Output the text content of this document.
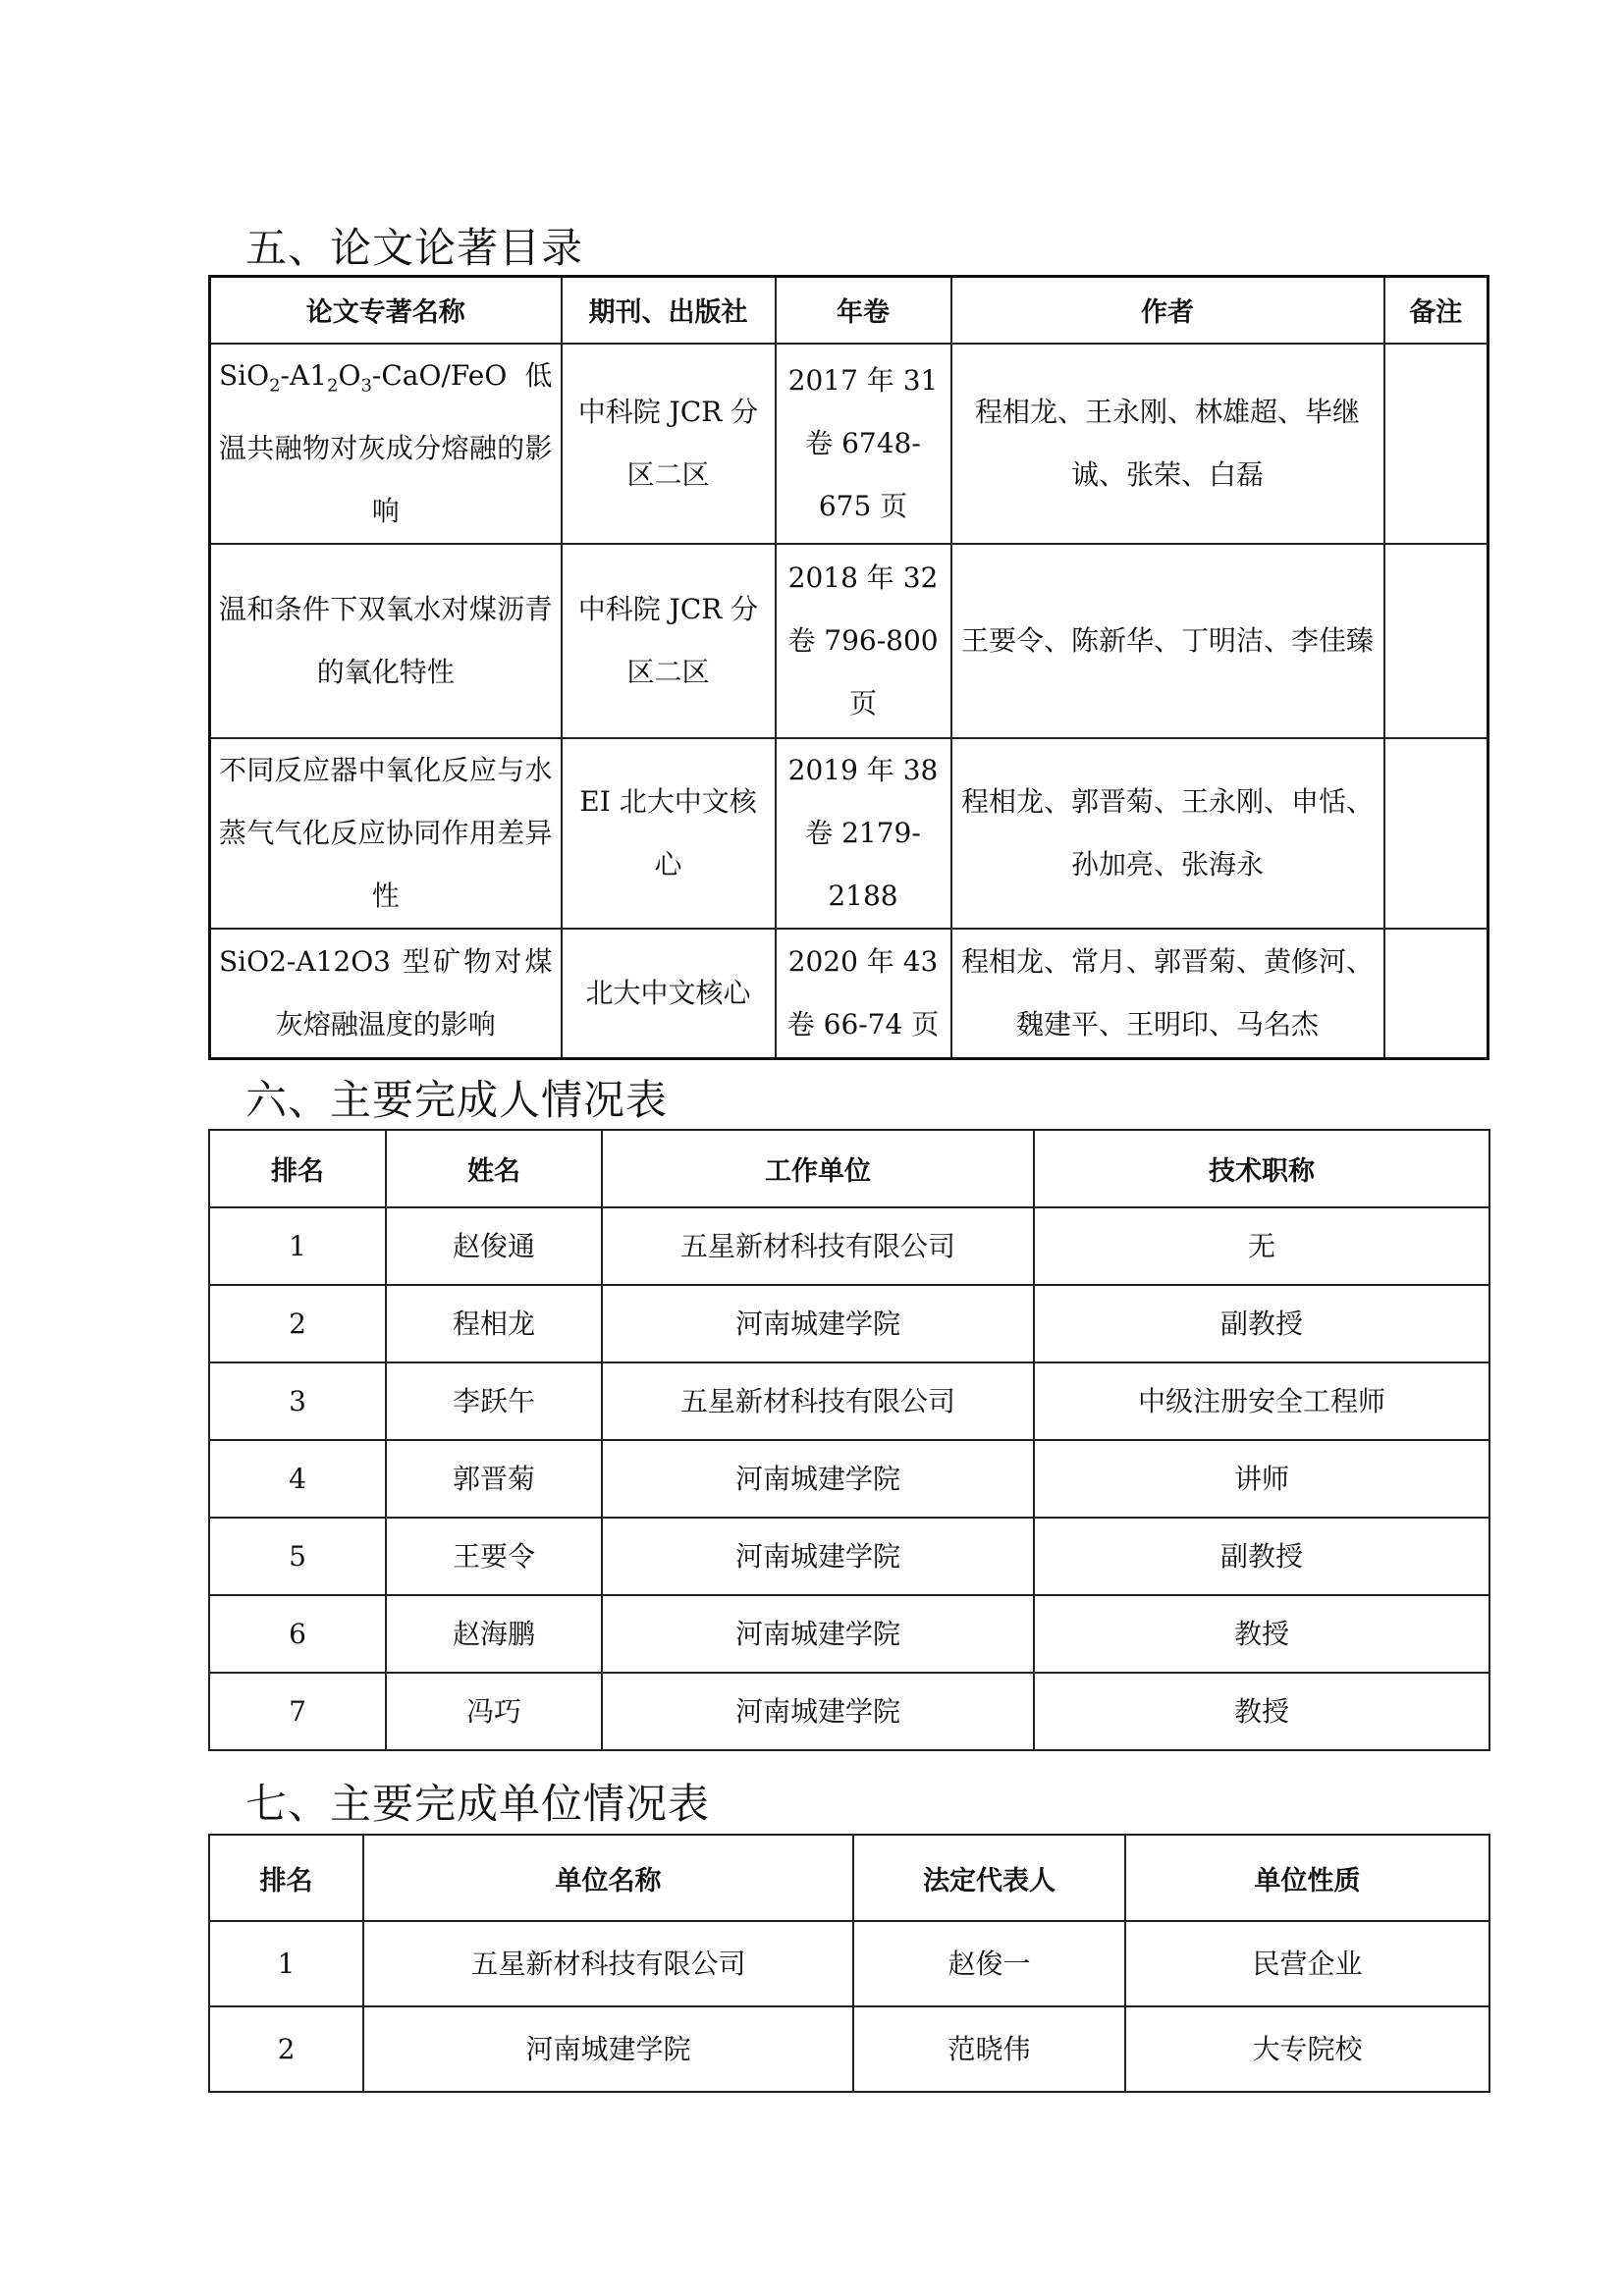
五、论文论著目录
论文专著名称	期刊、出版社	年卷	作者	备注
$SiO_2-A1_2O_3-CaO$/FeO 低温共融物对灰成分熔融的影响	中科院 JCR 分区二区	2017 年 31 卷 6748-675 页	程相龙、王永刚、林雄超、毕继诚、张荣、白磊	
温和条件下双氧水对煤沥青的氧化特性	中科院 JCR 分区二区	2018 年 32 卷 796-800 页	王要令、陈新华、丁明洁、李佳臻	
不同反应器中氧化反应与水蒸气气化反应协同作用差异性	EI 北大中文核心	2019 年 38 卷 2179-2188	程相龙、郭晋菊、王永刚、申恬、孙加亮、张海永	
SiO2-A12O3 型矿物对煤灰熔融温度的影响	北大中文核心	2020 年 43 卷 66-74 页	程相龙、常月、郭晋菊、黄修河、魏建平、王明印、马名杰	
六、主要完成人情况表
排名	姓名	工作单位	技术职称
1	赵俊通	五星新材科技有限公司	无
2	程相龙	河南城建学院	副教授
3	李跃午	五星新材科技有限公司	中级注册安全工程师
4	郭晋菊	河南城建学院	讲师
5	王要令	河南城建学院	副教授
6	赵海鹏	河南城建学院	教授
7	冯巧	河南城建学院	教授
七、主要完成单位情况表
排名	单位名称	法定代表人	单位性质
1	五星新材科技有限公司	赵俊一	民营企业
2	河南城建学院	范晓伟	大专院校
